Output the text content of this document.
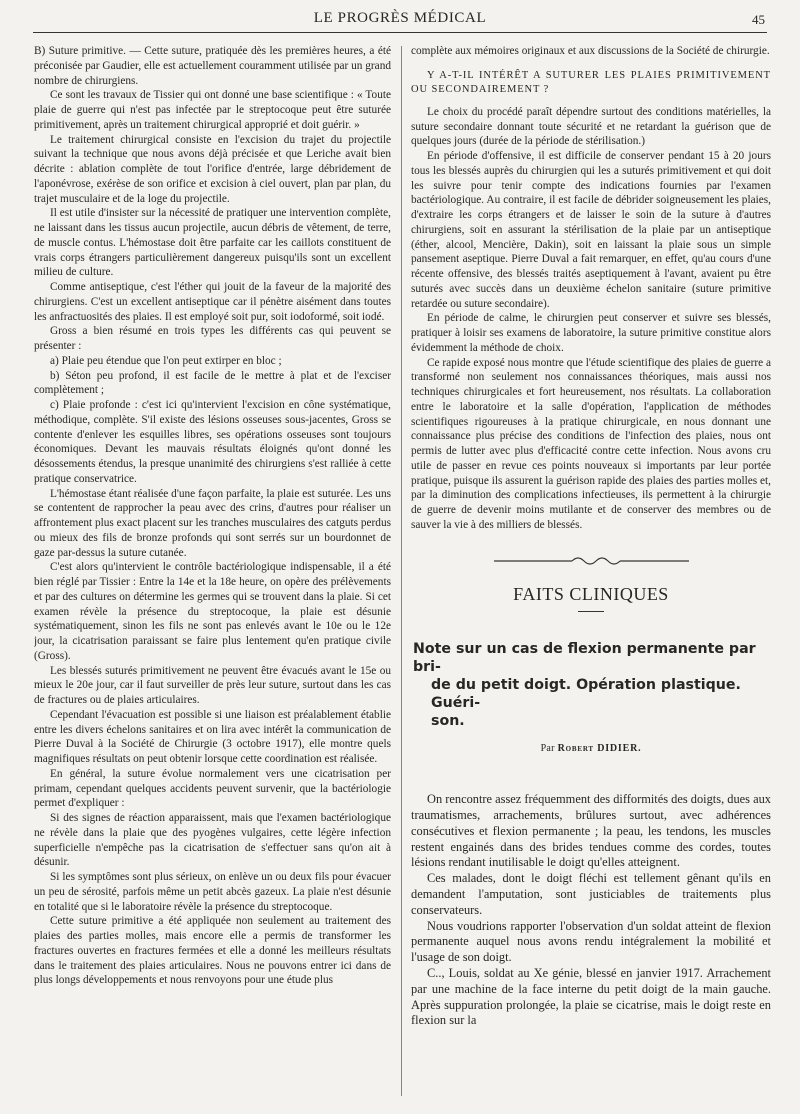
LE PROGRÈS MÉDICAL	45

B) Suture primitive. — Cette suture, pratiquée dès les premières heures, a été préconisée par Gaudier, elle est actuellement couramment utilisée par un grand nombre de chirurgiens.

Ce sont les travaux de Tissier qui ont donné une base scientifique : « Toute plaie de guerre qui n'est pas infectée par le streptocoque peut être suturée primitivement, après un traitement chirurgical approprié et doit guérir. »

Le traitement chirurgical consiste en l'excision du trajet du projectile suivant la technique que nous avons déjà précisée et que Leriche avait bien décrite : ablation complète de tout l'orifice d'entrée, large débridement de l'aponévrose, exérèse de son orifice et excision à ciel ouvert, plan par plan, du trajet musculaire et de la loge du projectile.

Il est utile d'insister sur la nécessité de pratiquer une intervention complète, ne laissant dans les tissus aucun projectile, aucun débris de vêtement, de terre, de muscle contus. L'hémostase doit être parfaite car les caillots constituent de vrais corps étrangers particulièrement dangereux puisqu'ils sont un excellent milieu de culture.

Comme antiseptique, c'est l'éther qui jouit de la faveur de la majorité des chirurgiens. C'est un excellent antiseptique car il pénètre aisément dans toutes les anfractuosités des plaies. Il est employé soit pur, soit iodoformé, soit iodé.

Gross a bien résumé en trois types les différents cas qui peuvent se présenter :

a) Plaie peu étendue que l'on peut extirper en bloc ;

b) Séton peu profond, il est facile de le mettre à plat et de l'exciser complètement ;

c) Plaie profonde : c'est ici qu'intervient l'excision en cône systématique, méthodique, complète. S'il existe des lésions osseuses sous-jacentes, Gross se contente d'enlever les esquilles libres, ses opérations osseuses sont toujours économiques. Devant les mauvais résultats éloignés qu'ont donné les désossements étendus, la presque unanimité des chirurgiens s'est ralliée à cette pratique conservatrice.

L'hémostase étant réalisée d'une façon parfaite, la plaie est suturée. Les uns se contentent de rapprocher la peau avec des crins, d'autres pour réaliser un affrontement plus exact placent sur les tranches musculaires des catguts perdus ou mieux des fils de bronze profonds qui sont serrés sur un bourdonnet de gaze par-dessus la suture cutanée.

C'est alors qu'intervient le contrôle bactériologique indispensable, il a été bien réglé par Tissier : Entre la 14e et la 18e heure, on opère des prélèvements et par des cultures on détermine les germes qui se trouvent dans la plaie. Si cet examen révèle la présence du streptocoque, la plaie est désunie systématiquement, sinon les fils ne sont pas enlevés avant le 10e ou le 12e jour, la cicatrisation paraissant se faire plus lentement qu'en pratique civile (Gross).

Les blessés suturés primitivement ne peuvent être évacués avant le 15e ou mieux le 20e jour, car il faut surveiller de près leur suture, surtout dans les cas de fractures ou de plaies articulaires.

Cependant l'évacuation est possible si une liaison est préalablement établie entre les divers échelons sanitaires et on lira avec intérêt la communication de Pierre Duval à la Société de Chirurgie (3 octobre 1917), elle montre quels magnifiques résultats on peut obtenir lorsque cette coordination est réalisée.

En général, la suture évolue normalement vers une cicatrisation per primam, cependant quelques accidents peuvent survenir, que la bactériologie permet d'expliquer :

Si des signes de réaction apparaissent, mais que l'examen bactériologique ne révèle dans la plaie que des pyogènes vulgaires, cette légère infection superficielle n'empêche pas la cicatrisation de s'effectuer sans qu'on ait à désunir.

Si les symptômes sont plus sérieux, on enlève un ou deux fils pour évacuer un peu de sérosité, parfois même un petit abcès gazeux. La plaie n'est désunie en totalité que si le laboratoire révèle la présence du streptocoque.

Cette suture primitive a été appliquée non seulement au traitement des plaies des parties molles, mais encore elle a permis de transformer les fractures ouvertes en fractures fermées et elle a donné les meilleurs résultats dans le traitement des plaies articulaires. Nous ne pouvons entrer ici dans de plus longs développements et nous renvoyons pour une étude plus

complète aux mémoires originaux et aux discussions de la Société de chirurgie.

Y A-T-IL INTÉRÊT A SUTURER LES PLAIES PRIMITIVEMENT OU SECONDAIREMENT ?

Le choix du procédé paraît dépendre surtout des conditions matérielles, la suture secondaire donnant toute sécurité et ne retardant la guérison que de quelques jours (durée de la période de stérilisation.)

En période d'offensive, il est difficile de conserver pendant 15 à 20 jours tous les blessés auprès du chirurgien qui les a suturés primitivement et qui doit les suivre pour tenir compte des indications fournies par l'examen bactériologique. Au contraire, il est facile de débrider soigneusement les plaies, d'extraire les corps étrangers et de laisser le soin de la suture à d'autres chirurgiens, soit en assurant la stérilisation de la plaie par un antiseptique (éther, alcool, Mencière, Dakin), soit en laissant la plaie sous un simple pansement aseptique. Pierre Duval a fait remarquer, en effet, qu'au cours d'une récente offensive, des blessés traités aseptiquement à l'avant, avaient pu être suturés avec succès dans un deuxième échelon sanitaire (suture primitive retardée ou suture secondaire).

En période de calme, le chirurgien peut conserver et suivre ses blessés, pratiquer à loisir ses examens de laboratoire, la suture primitive constitue alors évidemment la méthode de choix.

Ce rapide exposé nous montre que l'étude scientifique des plaies de guerre a transformé non seulement nos connaissances théoriques, mais aussi nos techniques chirurgicales et fort heureusement, nos résultats. La collaboration entre le laboratoire et la salle d'opération, l'application de méthodes scientifiques rigoureuses à la pratique chirurgicale, en nous donnant une connaissance plus précise des conditions de l'infection des plaies, nous ont permis de lutter avec plus d'efficacité contre cette infection. Nous avons cru utile de passer en revue ces points nouveaux si importants par leur portée pratique, puisque ils assurent la guérison rapide des plaies des parties molles et, par la diminution des complications infectieuses, ils permettent à la chirurgie de guerre de devenir moins mutilante et de conserver des membres ou de sauver la vie à des milliers de blessés.

FAITS CLINIQUES
Note sur un cas de flexion permanente par bri-
de du petit doigt. Opération plastique. Guéri-
son.
Par Robert DIDIER.

On rencontre assez fréquemment des difformités des doigts, dues aux traumatismes, arrachements, brûlures surtout, avec adhérences consécutives et flexion permanente ; la peau, les tendons, les muscles restent engainés dans des brides tendues comme des cordes, toutes lésions rendant inutilisable le doigt qu'elles atteignent.

Ces malades, dont le doigt fléchi est tellement gênant qu'ils en demandent l'amputation, sont justiciables de traitements plus conservateurs.

Nous voudrions rapporter l'observation d'un soldat atteint de flexion permanente auquel nous avons rendu intégralement la mobilité et l'usage de son doigt.

C.., Louis, soldat au Xe génie, blessé en janvier 1917. Arrachement par une machine de la face interne du petit doigt de la main gauche. Après suppuration prolongée, la plaie se cicatrise, mais le doigt reste en flexion sur la
